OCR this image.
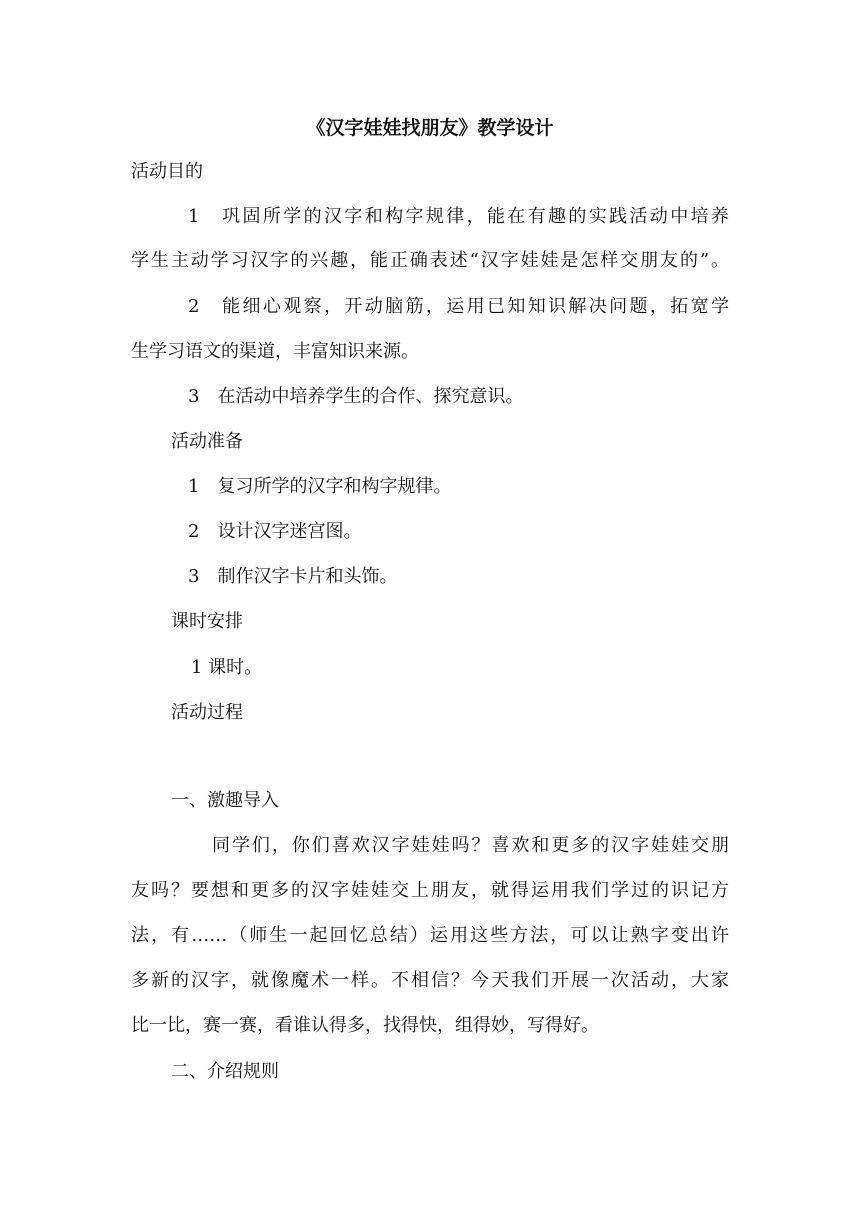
《汉字娃娃找朋友》教学设计
活动目的
1　巩固所学的汉字和构字规律，能在有趣的实践活动中培养
学生主动学习汉字的兴趣，能正确表述“汉字娃娃是怎样交朋友的”。
2　能细心观察，开动脑筋，运用已知知识解决问题，拓宽学
生学习语文的渠道，丰富知识来源。
3　在活动中培养学生的合作、探究意识。
活动准备
1　复习所学的汉字和构字规律。
2　设计汉字迷宫图。
3　制作汉字卡片和头饰。
课时安排
1 课时。
活动过程
一、激趣导入
同学们，你们喜欢汉字娃娃吗？喜欢和更多的汉字娃娃交朋
友吗？要想和更多的汉字娃娃交上朋友，就得运用我们学过的识记方
法，有……（师生一起回忆总结）运用这些方法，可以让熟字变出许
多新的汉字，就像魔术一样。不相信？今天我们开展一次活动，大家
比一比，赛一赛，看谁认得多，找得快，组得妙，写得好。
二、介绍规则
